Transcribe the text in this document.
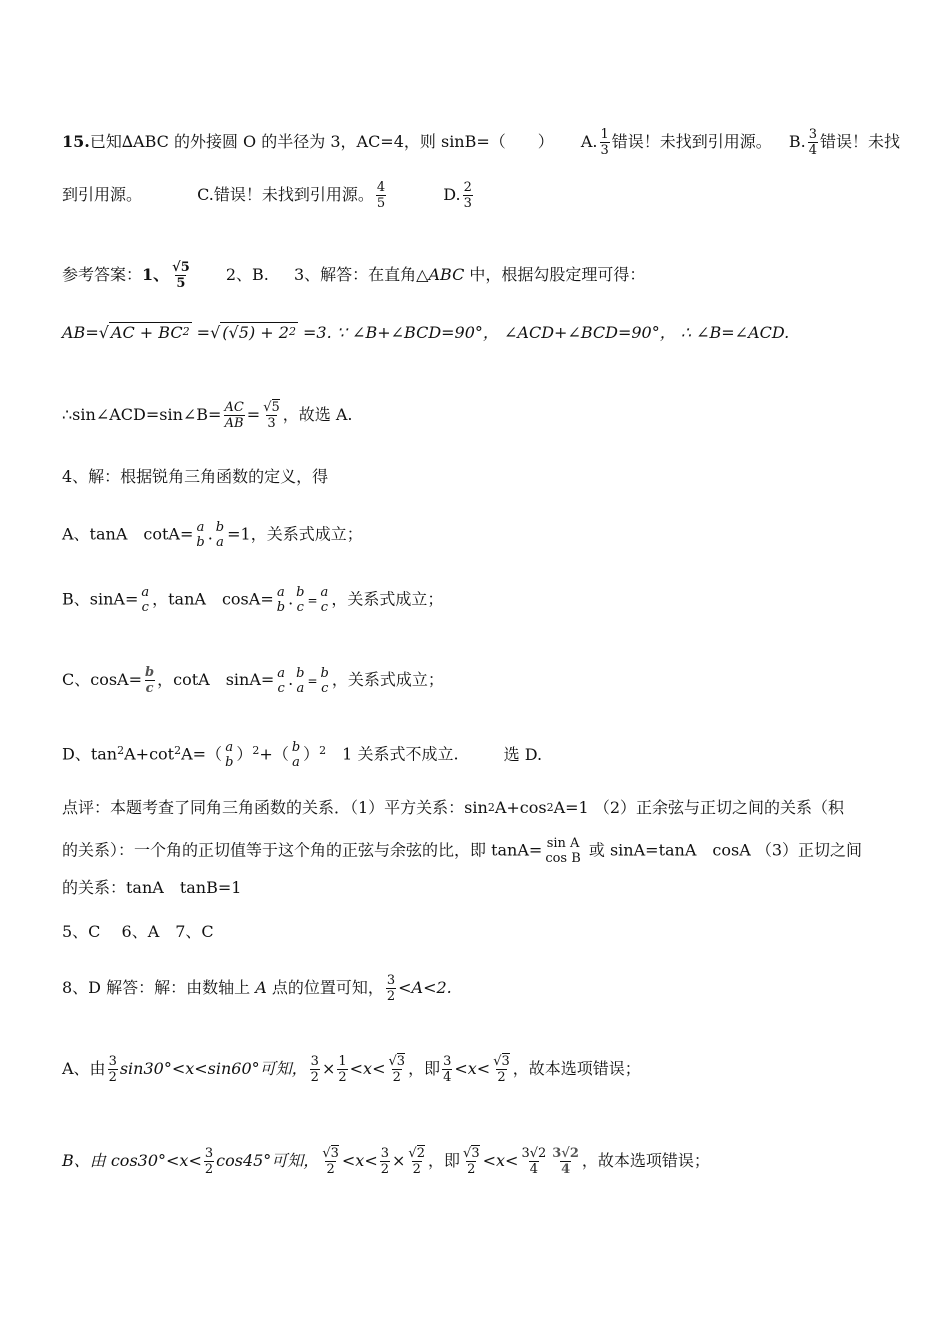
15.已知∆ABC 的外接圆 O 的半径为 3，AC=4，则 sinB=（　　） A. $\frac{1}{3}$ 错误！未找到引用源。 B. $\frac{3}{4}$ 错误！未找
到引用源。	C.错误！未找到引用源。 $\frac{4}{5}$	D. $\frac{2}{3}$
参考答案：1、 $\frac{√5}{5} 2$、B. 3、解答：在直角△ABC 中，根据勾股定理可得：
AB=√ AC + $BC^2$ =√ $(√5) + 2^2 =3$. ∵ ∠B+∠BCD=90°， ∠ACD+∠BCD=90°， ∴ ∠B=∠ACD.
∴sin∠ACD=sin∠B= $\frac{AC}{AB} = \frac{√5}{3}$ ，故选 A.
4、解：根据锐角三角函数的定义，得
A、tanA　cotA= a
b . b
a =1，关系式成立；
B、sinA= a
c ，tanA　cosA= a
b . b
c =
a
c ，关系式成立；
C、$\cos A= \frac{b}{c}$ ，cotA　sinA= a
c . b
a =
b
c ，关系式成立；
D、$\tan^2A+\cot^2A=$（ a
b ）$^2$+（ b
a ）$^2$　1 关系式不成立.	选 D.
点评：本题考查了同角三角函数的关系．（1）平方关系：$\sin^2A+\cos^2A=1$ （2）正余弦与正切之间的关系（积
的关系）：一个角的正切值等于这个角的正弦与余弦的比，即 tanA= sin A
cos B 或 sinA=tanA　cosA （3）正切之间
的关系：tanA　tanB=1
5、C　 6、A　7、C
8、D 解答：解：由数轴上 A 点的位置可知， $\frac{3}{2} <A<2$.
A、由 $\frac{3}{2} \sin 30^\circ<x<\sin 60^\circ$可知， $\frac{3}{2} \times \frac{1}{2} <x< \frac{√3}{2}$ ，即 $\frac{3}{4} <x< \frac{√3}{2}$ ，故本选项错误；
B、由 $\cos 30^\circ<x< \frac{3}{2} \cos 45^\circ$可知， $\frac{√3}{2} <x< \frac{3}{2} \times \frac{√2}{2}$ ，即 $\frac{√3}{2} <x< \frac{3√2}{4} \frac{3√2}{4}$ ，故本选项错误；
